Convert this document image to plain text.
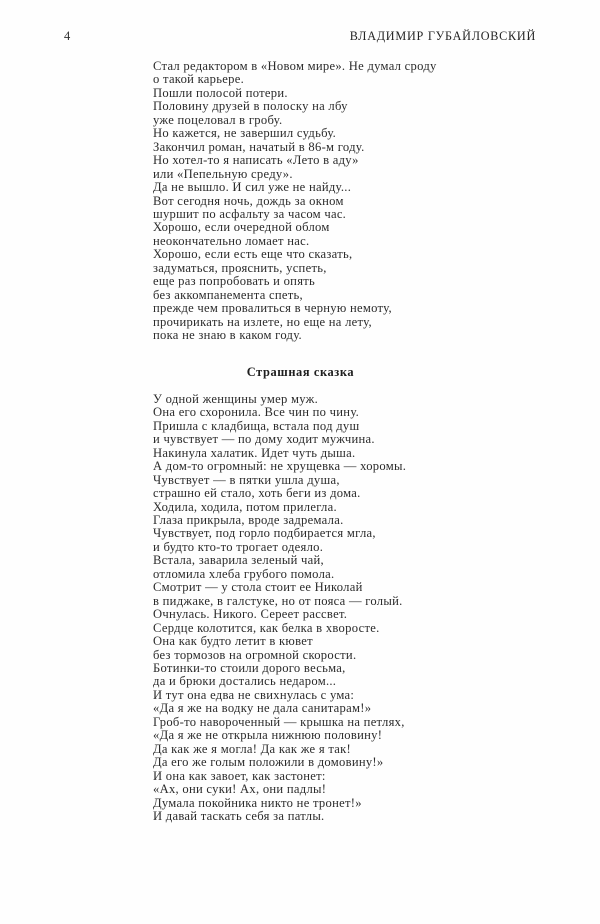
4	ВЛАДИМИР ГУБАЙЛОВСКИЙ
Стал редактором в «Новом мире». Не думал сроду
о такой карьере.
Пошли полосой потери.
Половину друзей в полоску на лбу
уже поцеловал в гробу.
Но кажется, не завершил судьбу.
Закончил роман, начатый в 86-м году.
Но хотел-то я написать «Лето в аду»
или «Пепельную среду».
Да не вышло. И сил уже не найду...
Вот сегодня ночь, дождь за окном
шуршит по асфальту за часом час.
Хорошо, если очередной облом
неокончательно ломает нас.
Хорошо, если есть еще что сказать,
задуматься, прояснить, успеть,
еще раз попробовать и опять
без аккомпанемента спеть,
прежде чем провалиться в черную немоту,
прочирикать на излете, но еще на лету,
пока не знаю в каком году.
Страшная сказка
У одной женщины умер муж.
Она его схоронила. Все чин по чину.
Пришла с кладбища, встала под душ
и чувствует — по дому ходит мужчина.
Накинула халатик. Идет чуть дыша.
А дом-то огромный: не хрущевка — хоромы.
Чувствует — в пятки ушла душа,
страшно ей стало, хоть беги из дома.
Ходила, ходила, потом прилегла.
Глаза прикрыла, вроде задремала.
Чувствует, под горло подбирается мгла,
и будто кто-то трогает одеяло.
Встала, заварила зеленый чай,
отломила хлеба грубого помола.
Смотрит — у стола стоит ее Николай
в пиджаке, в галстуке, но от пояса — голый.
Очнулась. Никого. Сереет рассвет.
Сердце колотится, как белка в хворосте.
Она как будто летит в кювет
без тормозов на огромной скорости.
Ботинки-то стоили дорого весьма,
да и брюки достались недаром...
И тут она едва не свихнулась с ума:
«Да я же на водку не дала санитарам!»
Гроб-то навороченный — крышка на петлях,
«Да я же не открыла нижнюю половину!
Да как же я могла! Да как же я так!
Да его же голым положили в домовину!»
И она как завоет, как застонет:
«Ах, они суки! Ах, они падлы!
Думала покойника никто не тронет!»
И давай таскать себя за патлы.
